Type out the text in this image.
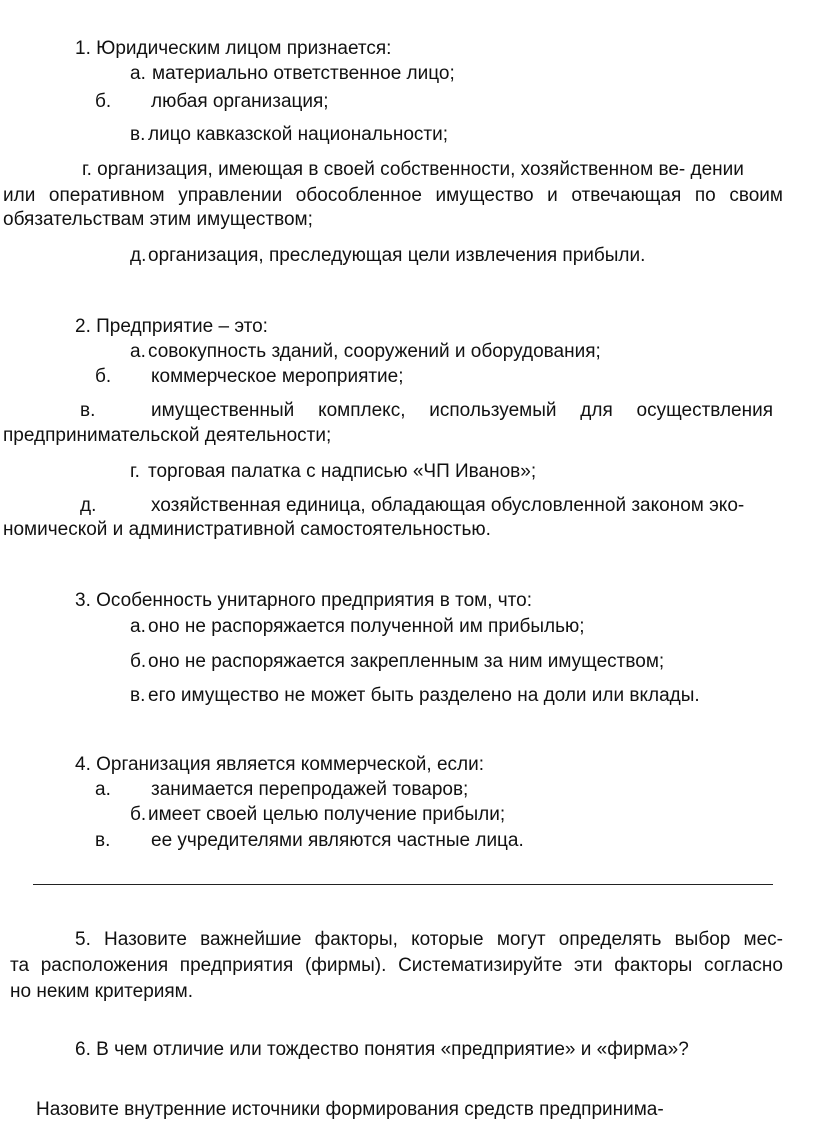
1. Юридическим лицом признается:
а. материально ответственное лицо;
б. любая организация;
в. лицо кавказской национальности;
г. организация, имеющая в своей собственности, хозяйственном ве- дении
или оперативном управлении обособленное имущество и отвечающая по своим
обязательствам этим имуществом;
д.организация, преследующая цели извлечения прибыли.
2. Предприятие – это:
а. совокупность зданий, сооружений и оборудования;
б. коммерческое мероприятие;
в.	имущественный комплекс, используемый для осуществления
предпринимательской деятельности;
г. торговая палатка с надписью «ЧП Иванов»;
д.	хозяйственная единица, обладающая обусловленной законом эко-
номической и административной самостоятельностью.
3. Особенность унитарного предприятия в том, что:
а. оно не распоряжается полученной им прибылью;
б.оно не распоряжается закрепленным за ним имуществом;
в. его имущество не может быть разделено на доли или вклады.
4. Организация является коммерческой, если:
а. занимается перепродажей товаров;
б.имеет своей целью получение прибыли;
в. ее учредителями являются частные лица.
5. Назовите важнейшие факторы, которые могут определять выбор мес-
та расположения предприятия (фирмы). Систематизируйте эти факторы согласно
но неким критериям.
6. В чем отличие или тождество понятия «предприятие» и «фирма»?
Назовите внутренние источники формирования средств предпринима-
